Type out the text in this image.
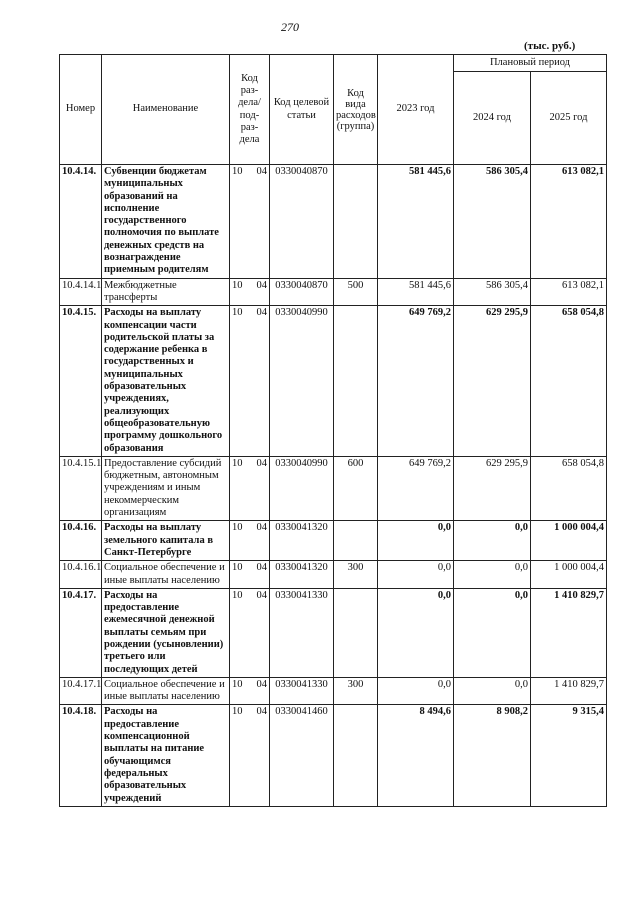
270
(тыс. руб.)
Номер	Наименование	Код раз-дела/ под-раз-дела	Код целевой статьи	Код вида расходов (группа)	2023 год	Плановый период	
						2024 год	2025 год
10.4.14.	Субвенции бюджетам муниципальных образований на исполнение государственного полномочия по выплате денежных средств на вознаграждение приемным родителям	10 04	0330040870		581 445,6	586 305,4	613 082,1
10.4.14.1	Межбюджетные трансферты	10 04	0330040870	500	581 445,6	586 305,4	613 082,1
10.4.15.	Расходы на выплату компенсации части родительской платы за содержание ребенка в государственных и муниципальных образовательных учреждениях, реализующих общеобразовательную программу дошкольного образования	10 04	0330040990		649 769,2	629 295,9	658 054,8
10.4.15.1	Предоставление субсидий бюджетным, автономным учреждениям и иным некоммерческим организациям	10 04	0330040990	600	649 769,2	629 295,9	658 054,8
10.4.16.	Расходы на выплату земельного капитала в Санкт-Петербурге	10 04	0330041320		0,0	0,0	1 000 004,4
10.4.16.1	Социальное обеспечение и иные выплаты населению	10 04	0330041320	300	0,0	0,0	1 000 004,4
10.4.17.	Расходы на предоставление ежемесячной денежной выплаты семьям при рождении (усыновлении) третьего или последующих детей	10 04	0330041330		0,0	0,0	1 410 829,7
10.4.17.1	Социальное обеспечение и иные выплаты населению	10 04	0330041330	300	0,0	0,0	1 410 829,7
10.4.18.	Расходы на предоставление компенсационной выплаты на питание обучающимся федеральных образовательных учреждений	10 04	0330041460		8 494,6	8 908,2	9 315,4
